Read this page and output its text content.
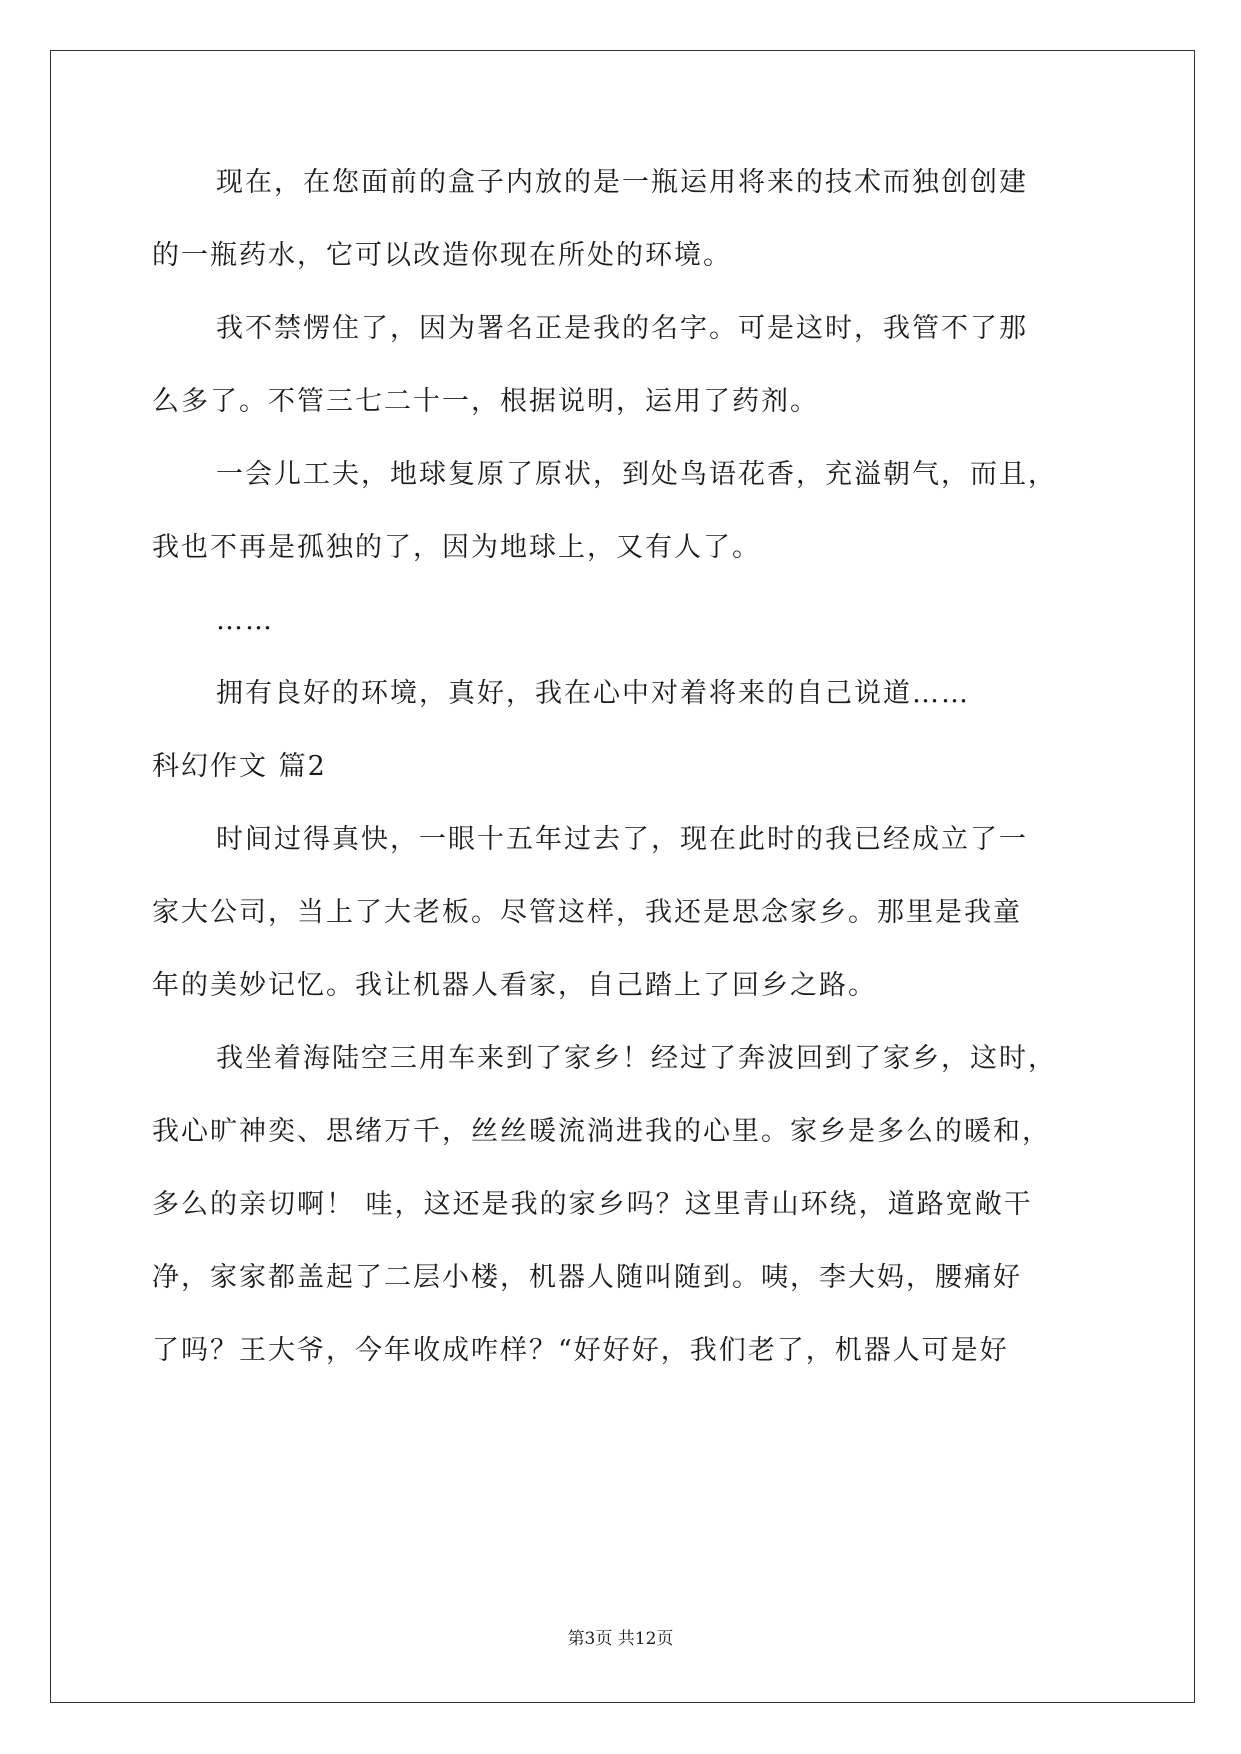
现在，在您面前的盒子内放的是一瓶运用将来的技术而独创创建
的一瓶药水，它可以改造你现在所处的环境。
我不禁愣住了，因为署名正是我的名字。可是这时，我管不了那
么多了。不管三七二十一，根据说明，运用了药剂。
一会儿工夫，地球复原了原状，到处鸟语花香，充溢朝气，而且，
我也不再是孤独的了，因为地球上，又有人了。
……
拥有良好的环境，真好，我在心中对着将来的自己说道……
科幻作文 篇2
时间过得真快，一眼十五年过去了，现在此时的我已经成立了一
家大公司，当上了大老板。尽管这样，我还是思念家乡。那里是我童
年的美妙记忆。我让机器人看家，自己踏上了回乡之路。
我坐着海陆空三用车来到了家乡！经过了奔波回到了家乡，这时，
我心旷神奕、思绪万千，丝丝暖流淌进我的心里。家乡是多么的暖和，
多么的亲切啊！ 哇，这还是我的家乡吗？这里青山环绕，道路宽敞干
净，家家都盖起了二层小楼，机器人随叫随到。咦，李大妈，腰痛好
了吗？王大爷，今年收成咋样？“好好好，我们老了，机器人可是好
第3页 共12页
